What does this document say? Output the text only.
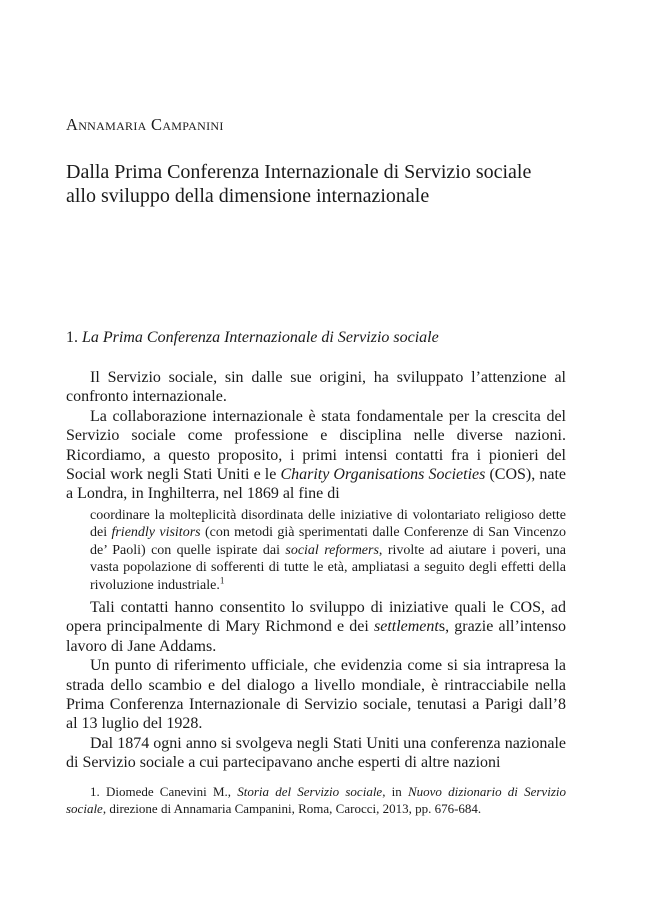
Annamaria Campanini
Dalla Prima Conferenza Internazionale di Servizio sociale
allo sviluppo della dimensione internazionale
1. La Prima Conferenza Internazionale di Servizio sociale

Il Servizio sociale, sin dalle sue origini, ha sviluppato l’attenzione al confronto internazionale.

La collaborazione internazionale è stata fondamentale per la crescita del Servizio sociale come professione e disciplina nelle diverse nazioni. Ricordiamo, a questo proposito, i primi intensi contatti fra i pionieri del Social work negli Stati Uniti e le Charity Organisations Societies (COS), nate a Londra, in Inghilterra, nel 1869 al fine di

coordinare la molteplicità disordinata delle iniziative di volontariato religioso dette dei friendly visitors (con metodi già sperimentati dalle Conferenze di San Vincenzo de’ Paoli) con quelle ispirate dai social reformers, rivolte ad aiutare i poveri, una vasta popolazione di sofferenti di tutte le età, ampliatasi a seguito degli effetti della rivoluzione industriale.$^1$

Tali contatti hanno consentito lo sviluppo di iniziative quali le COS, ad opera principalmente di Mary Richmond e dei settlements, grazie all’intenso lavoro di Jane Addams.

Un punto di riferimento ufficiale, che evidenzia come si sia intrapresa la strada dello scambio e del dialogo a livello mondiale, è rintracciabile nella Prima Conferenza Internazionale di Servizio sociale, tenutasi a Parigi dall’8 al 13 luglio del 1928.

Dal 1874 ogni anno si svolgeva negli Stati Uniti una conferenza nazionale di Servizio sociale a cui partecipavano anche esperti di altre nazioni

1. Diomede Canevini M., Storia del Servizio sociale, in Nuovo dizionario di Servizio sociale, direzione di Annamaria Campanini, Roma, Carocci, 2013, pp. 676-684.
